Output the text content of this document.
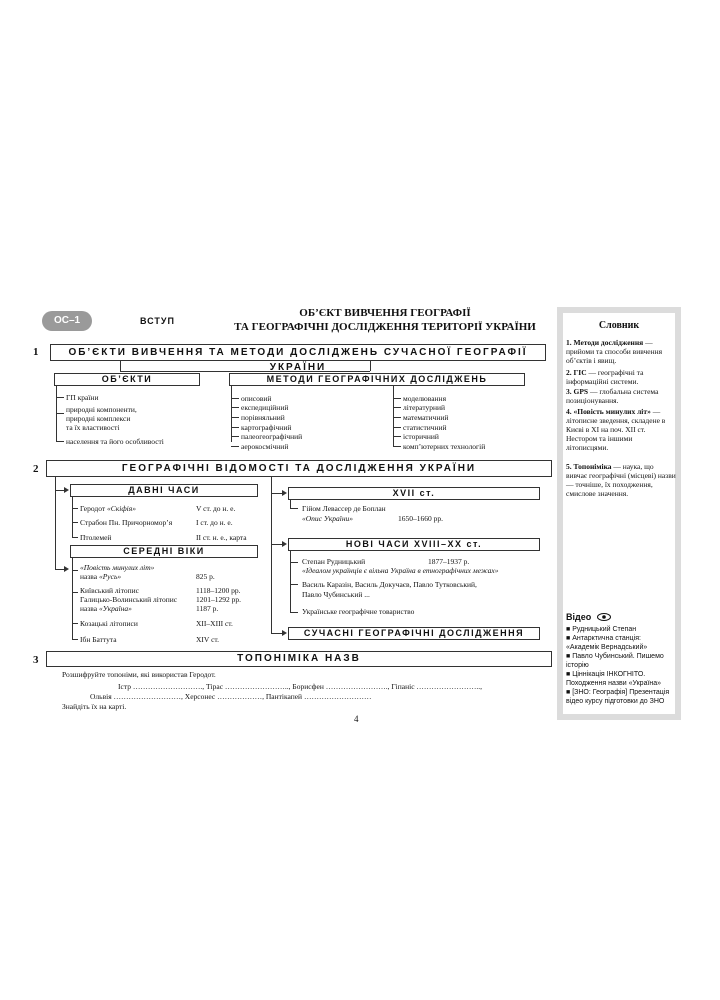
ОС–1	ВСТУП
ОБ’ЄКТ ВИВЧЕННЯ ГЕОГРАФІЇ
ТА ГЕОГРАФІЧНІ ДОСЛІДЖЕННЯ ТЕРИТОРІЇ УКРАЇНИ
1	ОБ’ЄКТИ ВИВЧЕННЯ ТА МЕТОДИ ДОСЛІДЖЕНЬ СУЧАСНОЇ ГЕОГРАФІЇ УКРАЇНИ
ОБ’ЄКТИ	МЕТОДИ ГЕОГРАФІЧНИХ ДОСЛІДЖЕНЬ
ГП країни
природні компоненти,
природні комплекси
та їх властивості
населення та його особливості
описовий
експедиційний
порівняльний
картографічний
палеогеографічний
аерокосмічний
моделювання
літературний
математичний
статистичний
історичний
комп’ютерних технологій
2	ГЕОГРАФІЧНІ ВІДОМОСТІ ТА ДОСЛІДЖЕННЯ УКРАЇНИ
ДАВНІ ЧАСИ
Геродот «Скіфія»	V ст. до н. е.
Страбон Пн. Причорномор’я	I ст. до н. е.
Птолемей	II ст. н. е., карта
СЕРЕДНІ ВІКИ
«Повість минулих літ»
назва «Русь»	825 р.
Київський літопис	1118–1200 рр.
Галицько-Волинський літопис	1201–1292 рр.
назва «Україна»	1187 р.
Козацькі літописи	XII–XIII ст.
Ібн Баттута	XIV ст.
XVII ст.
Гійом Левассер де Боплан
«Опис України»	1650–1660 рр.
НОВІ ЧАСИ XVIII–XX ст.
Степан Рудницький	1877–1937 р.
«Ідеалом українців є вільна Україна в етнографічних межах»
Василь Каразін, Василь Докучаєв, Павло Тутковський,
Павло Чубинський ...
Українське географічне товариство
СУЧАСНІ ГЕОГРАФІЧНІ ДОСЛІДЖЕННЯ
3	ТОПОНІМІКА НАЗВ
Розшифруйте топоніми, які використав Геродот.
Істр ………………………., Тірас …………………….., Борисфен ……………………., Гіпаніс ……………………..,
Ольвія ………………………, Херсонес ………………, Пантікапей ………………………
Знайдіть їх на карті.
4
Словник
1. Методи дослідження — прийоми та способи вивчення об’єктів і явищ.
2. ГІС — географічні та інформаційні системи.
3. GPS — глобальна система позиціонування.
4. «Повість минулих літ» — літописне зведення, складене в Києві в ХІ на поч. ХІІ ст. Нестором та іншими літописцями.
5. Топоніміка — наука, що вивчає географічні (місцеві) назви — точніше, їх походження, смислове значення.
Відео
■ Рудницький Степан
■ Антарктична станція: «Академік Вернадський»
■ Павло Чубинський. Пишемо історію
■ Ціннікація ІНКОГНІТО. Походження назви «Україна»
■ [ЗНО: Географія] Презентація відео курсу підготовки до ЗНО
